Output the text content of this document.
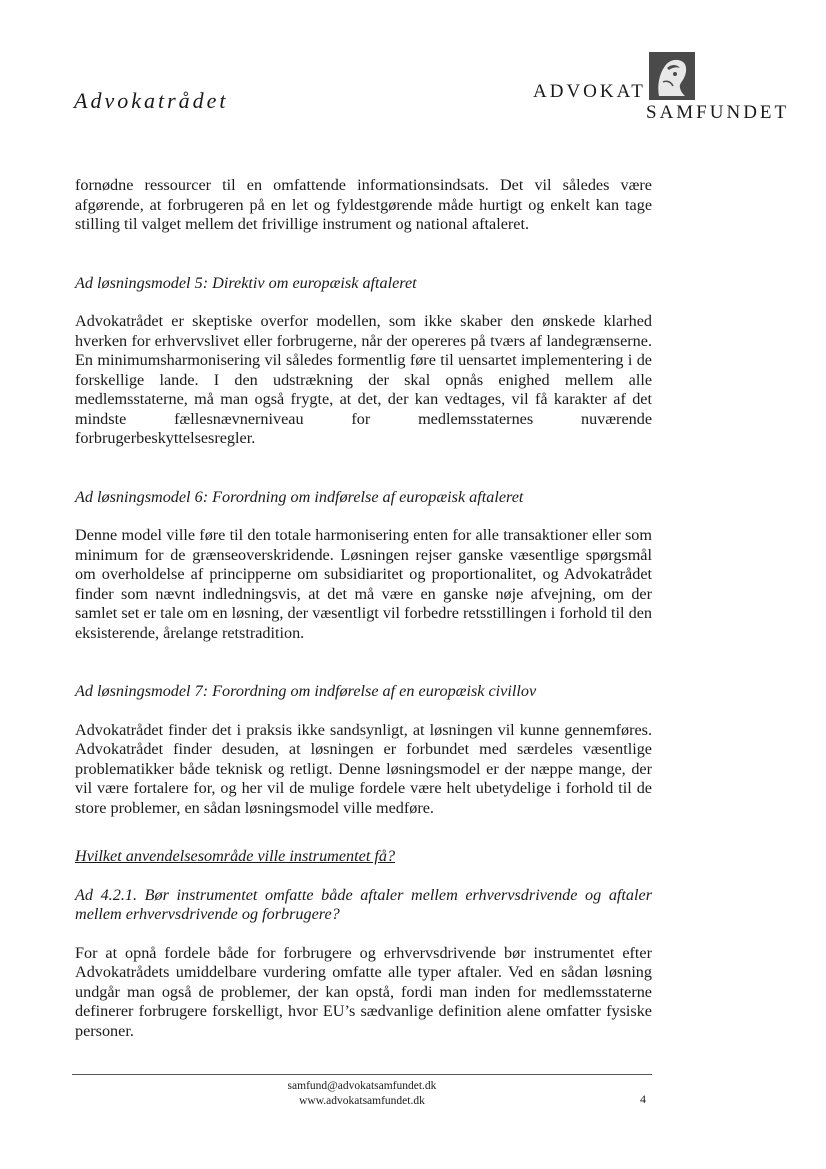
Advokatrådet	ADVOKAT
SAMFUNDET

fornødne ressourcer til en omfattende informationsindsats. Det vil således være afgørende, at forbrugeren på en let og fyldestgørende måde hurtigt og enkelt kan tage stilling til valget mellem det frivillige instrument og national aftaleret.

Ad løsningsmodel 5: Direktiv om europæisk aftaleret

Advokatrådet er skeptiske overfor modellen, som ikke skaber den ønskede klarhed hverken for erhvervslivet eller forbrugerne, når der opereres på tværs af landegrænserne. En minimumsharmonisering vil således formentlig føre til uensartet implementering i de forskellige lande. I den udstrækning der skal opnås enighed mellem alle medlemsstaterne, må man også frygte, at det, der kan vedtages, vil få karakter af det mindste fællesnævnerniveau for medlemsstaternes nuværende forbrugerbeskyttelsesregler.

Ad løsningsmodel 6: Forordning om indførelse af europæisk aftaleret

Denne model ville føre til den totale harmonisering enten for alle transaktioner eller som minimum for de grænseoverskridende. Løsningen rejser ganske væsentlige spørgsmål om overholdelse af principperne om subsidiaritet og proportionalitet, og Advokatrådet finder som nævnt indledningsvis, at det må være en ganske nøje afvejning, om der samlet set er tale om en løsning, der væsentligt vil forbedre retsstillingen i forhold til den eksisterende, årelange retstradition.

Ad løsningsmodel 7: Forordning om indførelse af en europæisk civillov

Advokatrådet finder det i praksis ikke sandsynligt, at løsningen vil kunne gennemføres. Advokatrådet finder desuden, at løsningen er forbundet med særdeles væsentlige problematikker både teknisk og retligt. Denne løsningsmodel er der næppe mange, der vil være fortalere for, og her vil de mulige fordele være helt ubetydelige i forhold til de store problemer, en sådan løsningsmodel ville medføre.

Hvilket anvendelsesområde ville instrumentet få?

Ad 4.2.1. Bør instrumentet omfatte både aftaler mellem erhvervsdrivende og aftaler mellem erhvervsdrivende og forbrugere?

For at opnå fordele både for forbrugere og erhvervsdrivende bør instrumentet efter Advokatrådets umiddelbare vurdering omfatte alle typer aftaler. Ved en sådan løsning undgår man også de problemer, der kan opstå, fordi man inden for medlemsstaterne definerer forbrugere forskelligt, hvor EU’s sædvanlige definition alene omfatter fysiske personer.

samfund@advokatsamfundet.dk
www.advokatsamfundet.dk	4
